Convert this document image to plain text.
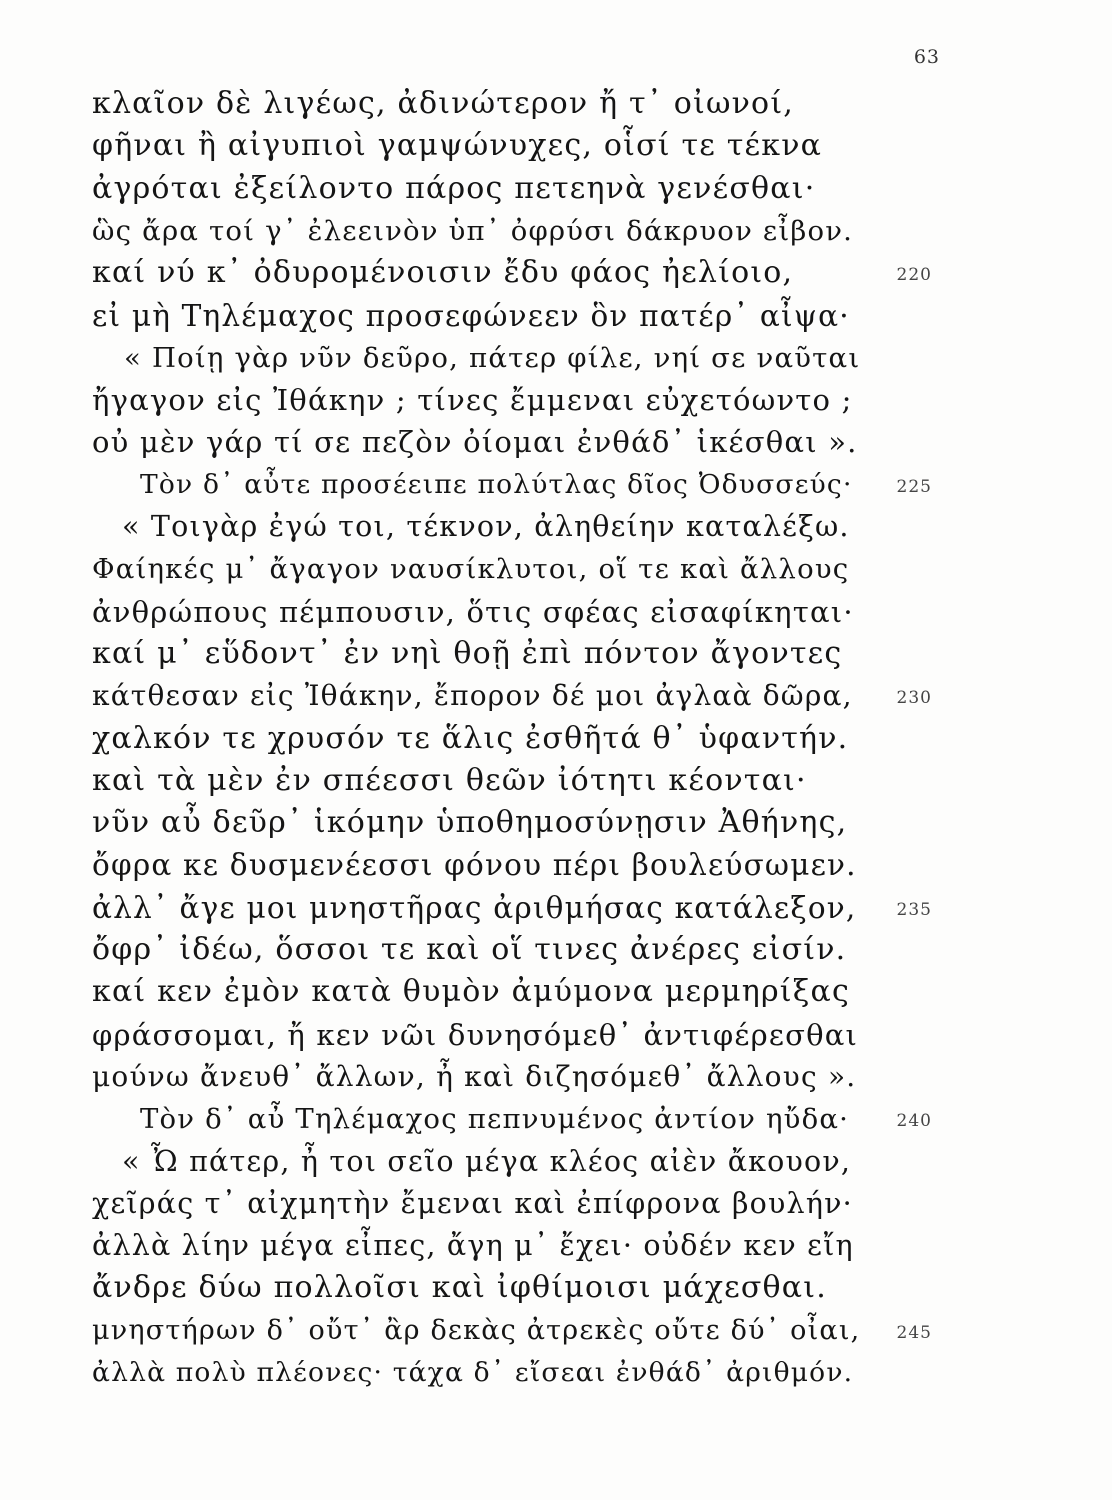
63
κλαῖον δὲ λιγέως, ἀδινώτερον ἤ τ᾽ οἰωνοί,
φῆναι ἢ αἰγυπιοὶ γαμψώνυχες, οἷσί τε τέκνα
ἀγρόται ἐξείλοντο πάρος πετεηνὰ γενέσθαι·
ὣς ἄρα τοί γ᾽ ἐλεεινὸν ὑπ᾽ ὀφρύσι δάκρυον εἶβον.
καί νύ κ᾽ ὀδυρομένοισιν ἔδυ φάος ἠελίοιο,	220
εἰ μὴ Τηλέμαχος προσεφώνεεν ὃν πατέρ᾽ αἶψα·
« Ποίῃ γὰρ νῦν δεῦρο, πάτερ φίλε, νηί σε ναῦται
ἤγαγον εἰς Ἰθάκην ; τίνες ἔμμεναι εὐχετόωντο ;
οὐ μὲν γάρ τί σε πεζὸν ὀίομαι ἐνθάδ᾽ ἱκέσθαι ».
Τὸν δ᾽ αὖτε προσέειπε πολύτλας δῖος Ὀδυσσεύς·	225
« Τοιγὰρ ἐγώ τοι, τέκνον, ἀληθείην καταλέξω.
Φαίηκές μ᾽ ἄγαγον ναυσίκλυτοι, οἵ τε καὶ ἄλλους
ἀνθρώπους πέμπουσιν, ὅτις σφέας εἰσαφίκηται·
καί μ᾽ εὕδοντ᾽ ἐν νηὶ θοῇ ἐπὶ πόντον ἄγοντες
κάτθεσαν εἰς Ἰθάκην, ἔπορον δέ μοι ἀγλαὰ δῶρα,	230
χαλκόν τε χρυσόν τε ἅλις ἐσθῆτά θ᾽ ὑφαντήν.
καὶ τὰ μὲν ἐν σπέεσσι θεῶν ἰότητι κέονται·
νῦν αὖ δεῦρ᾽ ἱκόμην ὑποθημοσύνῃσιν Ἀθήνης,
ὄφρα κε δυσμενέεσσι φόνου πέρι βουλεύσωμεν.
ἀλλ᾽ ἄγε μοι μνηστῆρας ἀριθμήσας κατάλεξον,	235
ὄφρ᾽ ἰδέω, ὅσσοι τε καὶ οἵ τινες ἀνέρες εἰσίν.
καί κεν ἐμὸν κατὰ θυμὸν ἀμύμονα μερμηρίξας
φράσσομαι, ἤ κεν νῶι δυνησόμεθ᾽ ἀντιφέρεσθαι
μούνω ἄνευθ᾽ ἄλλων, ἦ καὶ διζησόμεθ᾽ ἄλλους ».
Τὸν δ᾽ αὖ Τηλέμαχος πεπνυμένος ἀντίον ηὔδα·	240
« Ὦ πάτερ, ἦ τοι σεῖο μέγα κλέος αἰὲν ἄκουον,
χεῖράς τ᾽ αἰχμητὴν ἔμεναι καὶ ἐπίφρονα βουλήν·
ἀλλὰ λίην μέγα εἶπες, ἄγη μ᾽ ἔχει· οὐδέν κεν εἴη
ἄνδρε δύω πολλοῖσι καὶ ἰφθίμοισι μάχεσθαι.
μνηστήρων δ᾽ οὔτ᾽ ἂρ δεκὰς ἀτρεκὲς οὔτε δύ᾽ οἶαι,	245
ἀλλὰ πολὺ πλέονες· τάχα δ᾽ εἴσεαι ἐνθάδ᾽ ἀριθμόν.
